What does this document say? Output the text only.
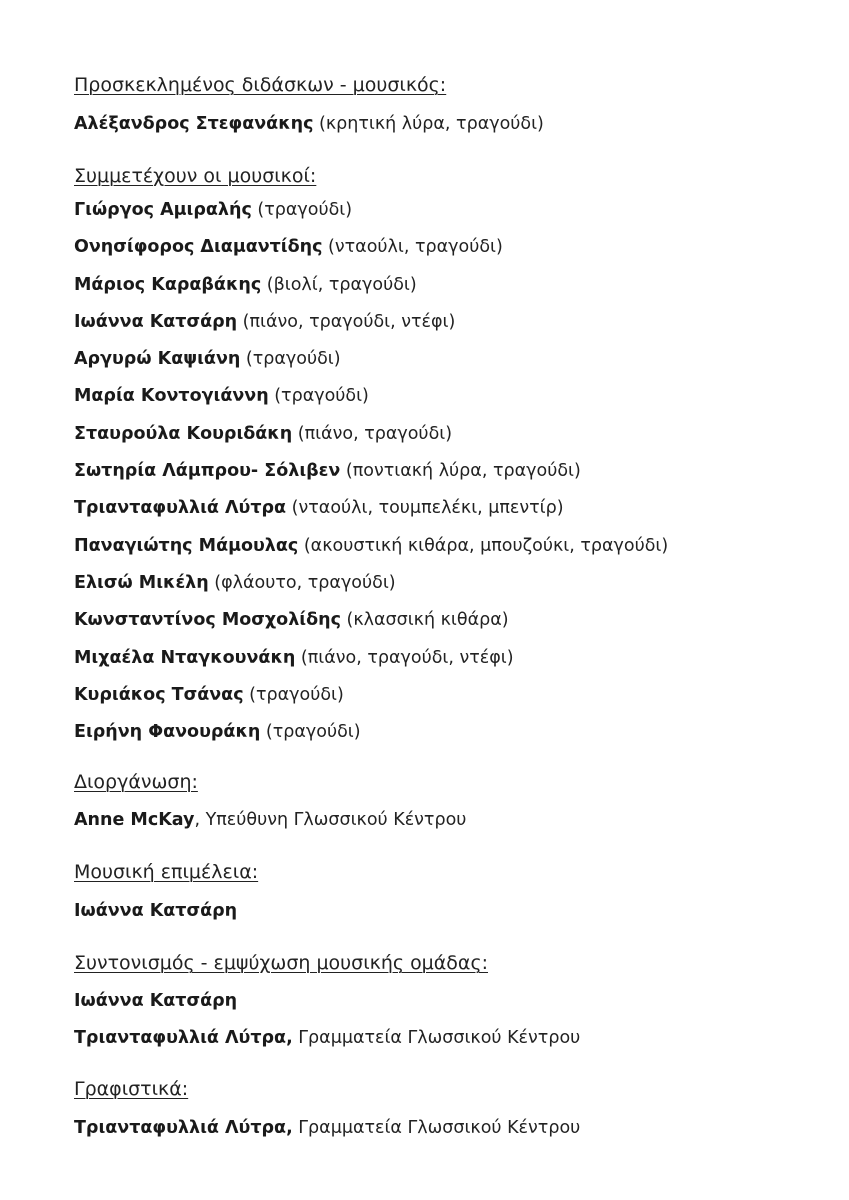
Προσκεκλημένος διδάσκων - μουσικός:

Αλέξανδρος Στεφανάκης (κρητική λύρα, τραγούδι)

Συμμετέχουν οι μουσικοί:

Γιώργος Αμιραλής (τραγούδι)

Ονησίφορος Διαμαντίδης (νταούλι, τραγούδι)

Μάριος Καραβάκης (βιολί, τραγούδι)

Ιωάννα Κατσάρη (πιάνο, τραγούδι, ντέφι)

Αργυρώ Καψιάνη (τραγούδι)

Μαρία Κοντογιάννη (τραγούδι)

Σταυρούλα Κουριδάκη (πιάνο, τραγούδι)

Σωτηρία Λάμπρου- Σόλιβεν (ποντιακή λύρα, τραγούδι)

Τριανταφυλλιά Λύτρα (νταούλι, τουμπελέκι, μπεντίρ)

Παναγιώτης Μάμουλας (ακουστική κιθάρα, μπουζούκι, τραγούδι)

Ελισώ Μικέλη (φλάουτο, τραγούδι)

Κωνσταντίνος Μοσχολίδης (κλασσική κιθάρα)

Μιχαέλα Νταγκουνάκη (πιάνο, τραγούδι, ντέφι)

Κυριάκος Τσάνας (τραγούδι)

Ειρήνη Φανουράκη (τραγούδι)

Διοργάνωση:

Anne McKay, Υπεύθυνη Γλωσσικού Κέντρου

Μουσική επιμέλεια:

Ιωάννα Κατσάρη

Συντονισμός - εμψύχωση μουσικής ομάδας:

Ιωάννα Κατσάρη

Τριανταφυλλιά Λύτρα, Γραμματεία Γλωσσικού Κέντρου

Γραφιστικά:

Τριανταφυλλιά Λύτρα, Γραμματεία Γλωσσικού Κέντρου
